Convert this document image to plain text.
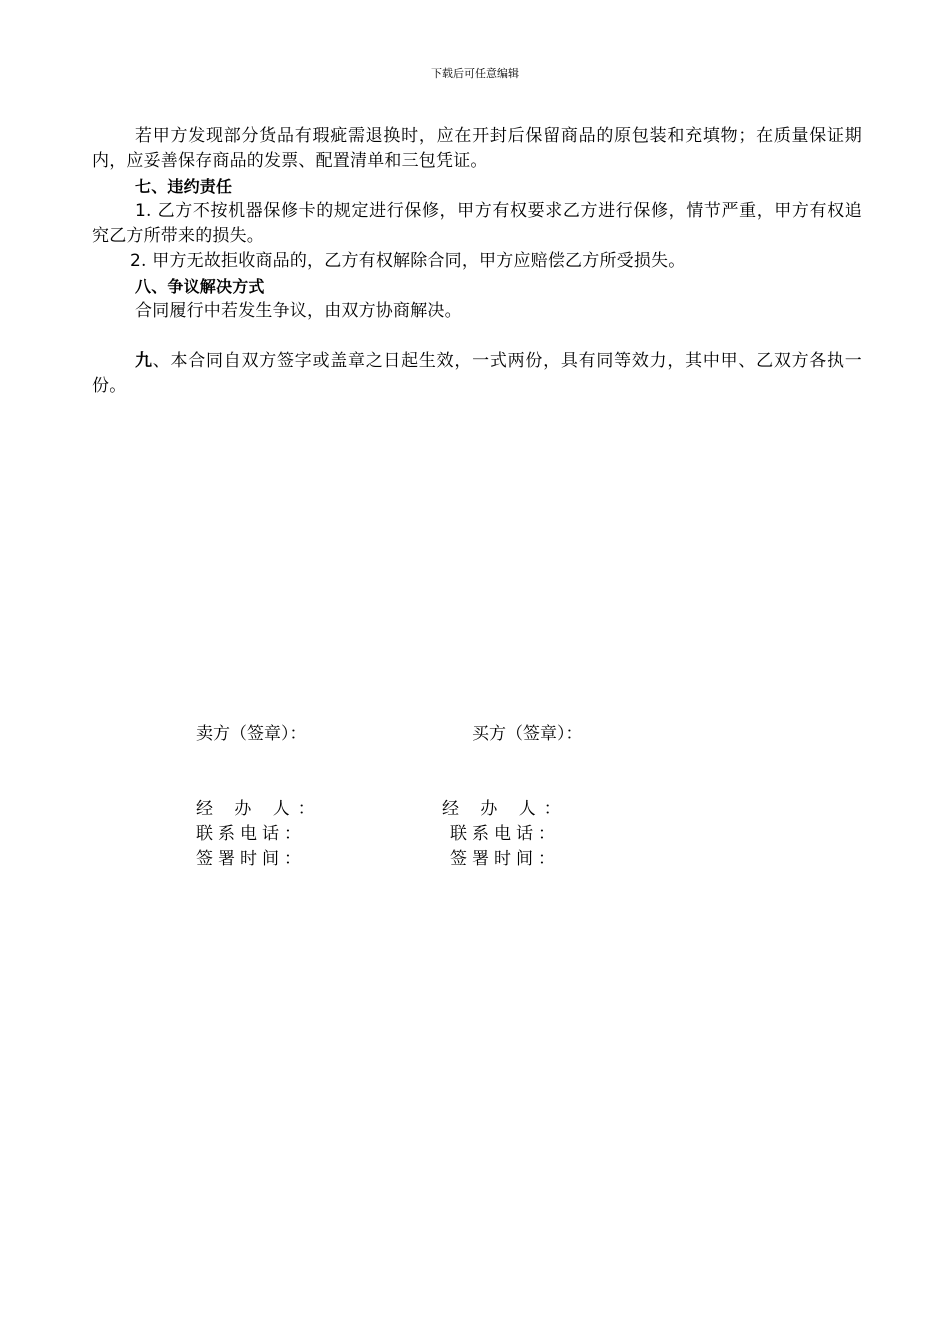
下载后可任意编辑

若甲方发现部分货品有瑕疵需退换时，应在开封后保留商品的原包装和充填物；在质量保证期内，应妥善保存商品的发票、配置清单和三包凭证。

七、违约责任

1. 乙方不按机器保修卡的规定进行保修，甲方有权要求乙方进行保修，情节严重，甲方有权追究乙方所带来的损失。

2. 甲方无故拒收商品的，乙方有权解除合同，甲方应赔偿乙方所受损失。

八、争议解决方式

合同履行中若发生争议，由双方协商解决。

九、本合同自双方签字或盖章之日起生效，一式两份，具有同等效力，其中甲、乙双方各执一份。

卖方（签章）：	买方（签章）：
经 办 人：
联系电话：
签署时间：
经 办 人：
联系电话：
签署时间：
